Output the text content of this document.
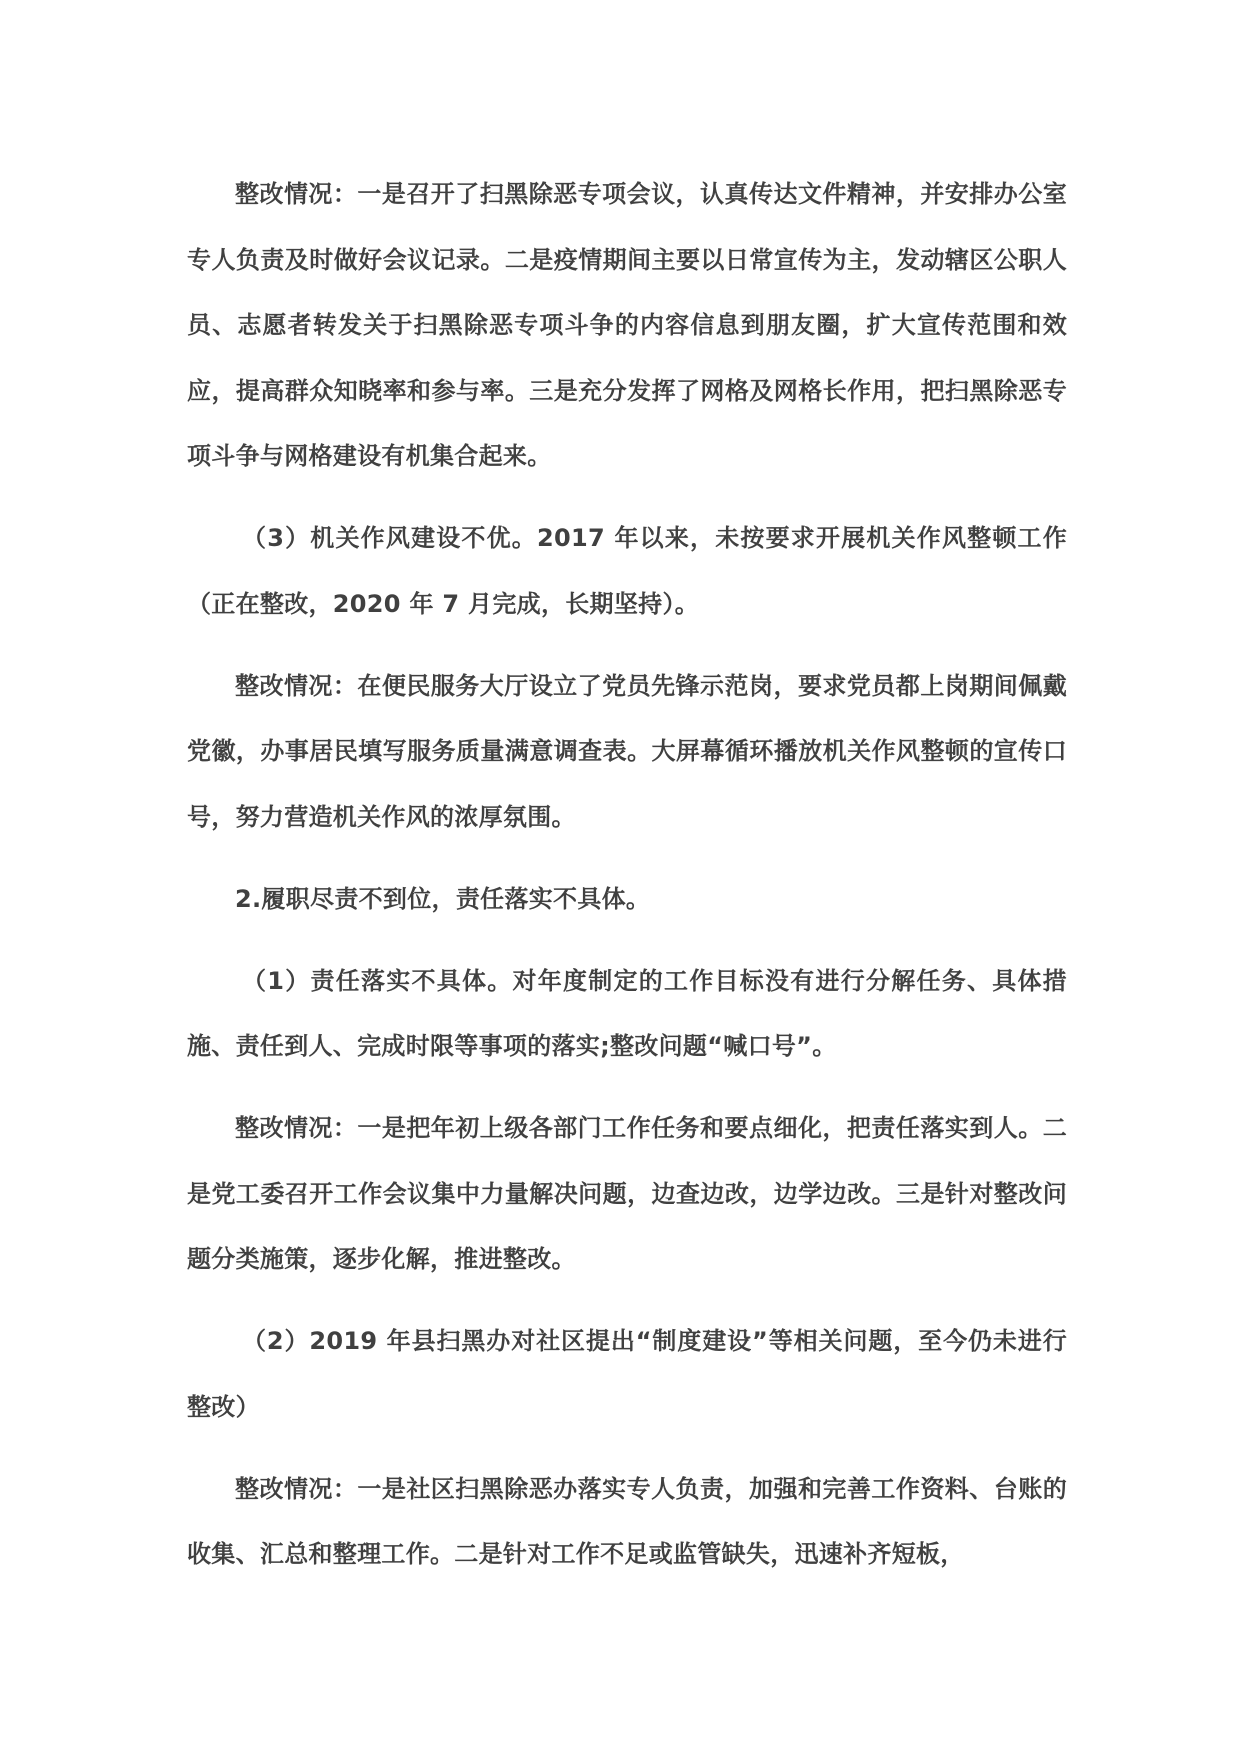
整改情况：一是召开了扫黑除恶专项会议，认真传达文件精神，并安排办公室专人负责及时做好会议记录。二是疫情期间主要以日常宣传为主，发动辖区公职人员、志愿者转发关于扫黑除恶专项斗争的内容信息到朋友圈，扩大宣传范围和效应，提高群众知晓率和参与率。三是充分发挥了网格及网格长作用，把扫黑除恶专项斗争与网格建设有机集合起来。

（3）机关作风建设不优。2017 年以来，未按要求开展机关作风整顿工作（正在整改，2020 年 7 月完成，长期坚持）。

整改情况：在便民服务大厅设立了党员先锋示范岗，要求党员都上岗期间佩戴党徽，办事居民填写服务质量满意调查表。大屏幕循环播放机关作风整顿的宣传口号，努力营造机关作风的浓厚氛围。

2.履职尽责不到位，责任落实不具体。

（1）责任落实不具体。对年度制定的工作目标没有进行分解任务、具体措施、责任到人、完成时限等事项的落实;整改问题“喊口号”。

整改情况：一是把年初上级各部门工作任务和要点细化，把责任落实到人。二是党工委召开工作会议集中力量解决问题，边查边改，边学边改。三是针对整改问题分类施策，逐步化解，推进整改。

（2）2019 年县扫黑办对社区提出“制度建设”等相关问题，至今仍未进行整改）

整改情况：一是社区扫黑除恶办落实专人负责，加强和完善工作资料、台账的收集、汇总和整理工作。二是针对工作不足或监管缺失，迅速补齐短板，
